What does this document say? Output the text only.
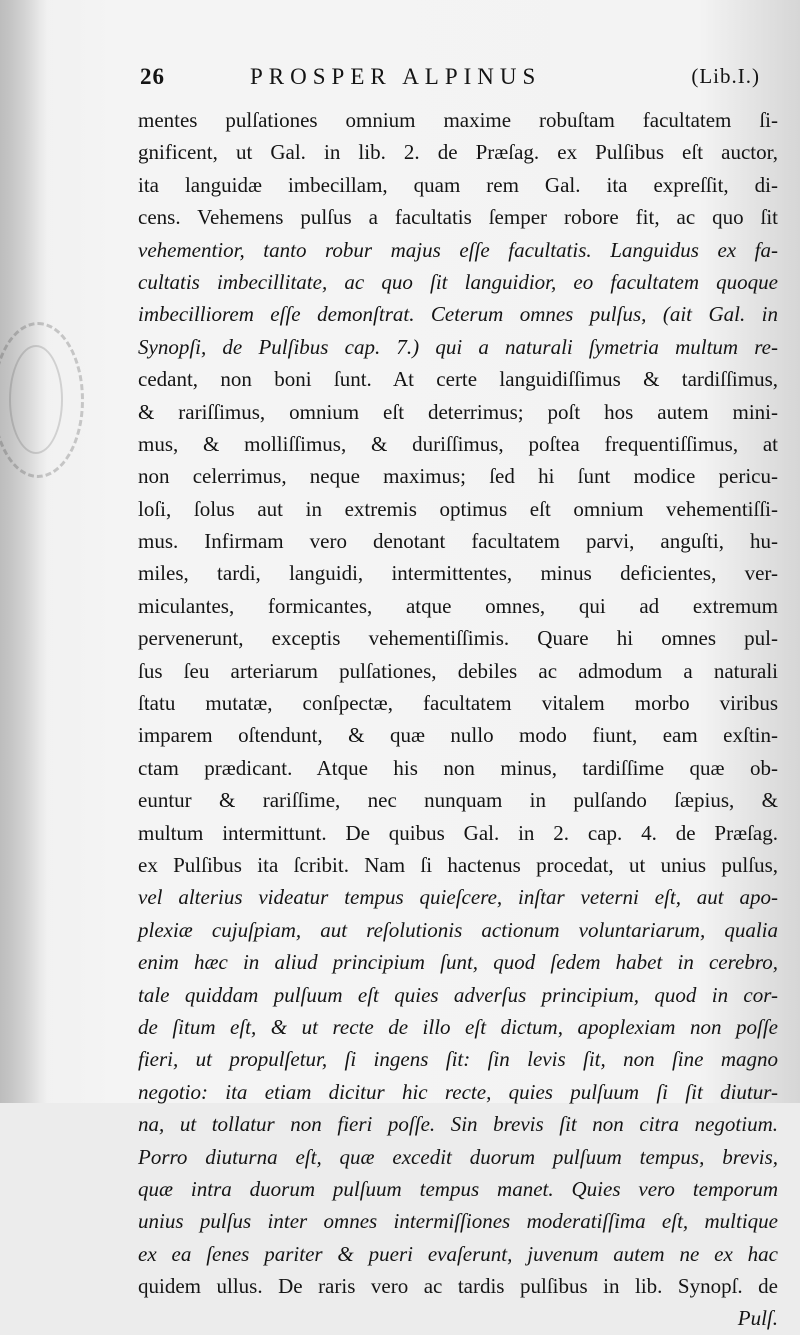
26	PROSPER ALPINUS	(Lib.I.)
mentes pulſationes omnium maxime robuſtam facultatem ſi-
gnificent, ut Gal. in lib. 2. de Præſag. ex Pulſibus eſt auctor,
ita languidæ imbecillam, quam rem Gal. ita expreſſit, di-
cens. Vehemens pulſus a facultatis ſemper robore fit, ac quo ſit
vehementior, tanto robur majus eſſe facultatis. Languidus ex fa-
cultatis imbecillitate, ac quo ſit languidior, eo facultatem quoque
imbecilliorem eſſe demonſtrat. Ceterum omnes pulſus, (ait Gal. in
Synopſi, de Pulſibus cap. 7.) qui a naturali ſymetria multum re-
cedant, non boni ſunt. At certe languidiſſimus & tardiſſimus,
& rariſſimus, omnium eſt deterrimus; poſt hos autem mini-
mus, & molliſſimus, & duriſſimus, poſtea frequentiſſimus, at
non celerrimus, neque maximus; ſed hi ſunt modice pericu-
loſi, ſolus aut in extremis optimus eſt omnium vehementiſſi-
mus. Infirmam vero denotant facultatem parvi, anguſti, hu-
miles, tardi, languidi, intermittentes, minus deficientes, ver-
miculantes, formicantes, atque omnes, qui ad extremum
pervenerunt, exceptis vehementiſſimis. Quare hi omnes pul-
ſus ſeu arteriarum pulſationes, debiles ac admodum a naturali
ſtatu mutatæ, conſpectæ, facultatem vitalem morbo viribus
imparem oſtendunt, & quæ nullo modo fiunt, eam exſtin-
ctam prædicant. Atque his non minus, tardiſſime quæ ob-
euntur & rariſſime, nec nunquam in pulſando ſæpius, &
multum intermittunt. De quibus Gal. in 2. cap. 4. de Præſag.
ex Pulſibus ita ſcribit. Nam ſi hactenus procedat, ut unius pulſus,
vel alterius videatur tempus quieſcere, inſtar veterni eſt, aut apo-
plexiæ cujuſpiam, aut reſolutionis actionum voluntariarum, qualia
enim hæc in aliud principium ſunt, quod ſedem habet in cerebro,
tale quiddam pulſuum eſt quies adverſus principium, quod in cor-
de ſitum eſt, & ut recte de illo eſt dictum, apoplexiam non poſſe
fieri, ut propulſetur, ſi ingens ſit: ſin levis ſit, non ſine magno
negotio: ita etiam dicitur hic recte, quies pulſuum ſi ſit diutur-
na, ut tollatur non fieri poſſe. Sin brevis ſit non citra negotium.
Porro diuturna eſt, quæ excedit duorum pulſuum tempus, brevis,
quæ intra duorum pulſuum tempus manet. Quies vero temporum
unius pulſus inter omnes intermiſſiones moderatiſſima eſt, multique
ex ea ſenes pariter & pueri evaſerunt, juvenum autem ne ex hac
quidem ullus. De raris vero ac tardis pulſibus in lib. Synopſ. de
Pulſ.
